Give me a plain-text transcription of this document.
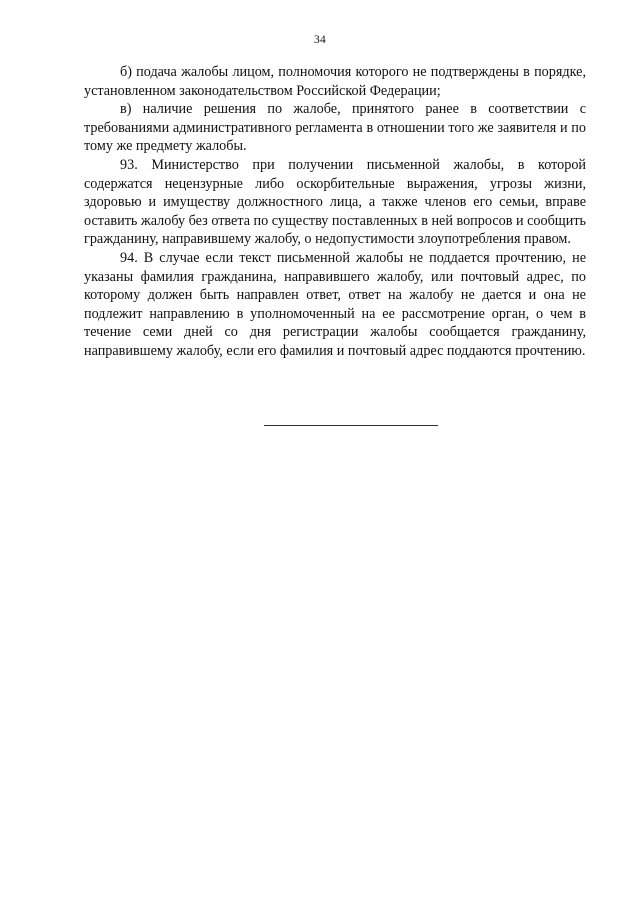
34

б) подача жалобы лицом, полномочия которого не подтверждены в порядке, установленном законодательством Российской Федерации;

в) наличие решения по жалобе, принятого ранее в соответствии с требованиями административного регламента в отношении того же заявителя и по тому же предмету жалобы.

93. Министерство при получении письменной жалобы, в которой содержатся нецензурные либо оскорбительные выражения, угрозы жизни, здоровью и имуществу должностного лица, а также членов его семьи, вправе оставить жалобу без ответа по существу поставленных в ней вопросов и сообщить гражданину, направившему жалобу, о недопустимости злоупотребления правом.

94. В случае если текст письменной жалобы не поддается прочтению, не указаны фамилия гражданина, направившего жалобу, или почтовый адрес, по которому должен быть направлен ответ, ответ на жалобу не дается и она не подлежит направлению в уполномоченный на ее рассмотрение орган, о чем в течение семи дней со дня регистрации жалобы сообщается гражданину, направившему жалобу, если его фамилия и почтовый адрес поддаются прочтению.
